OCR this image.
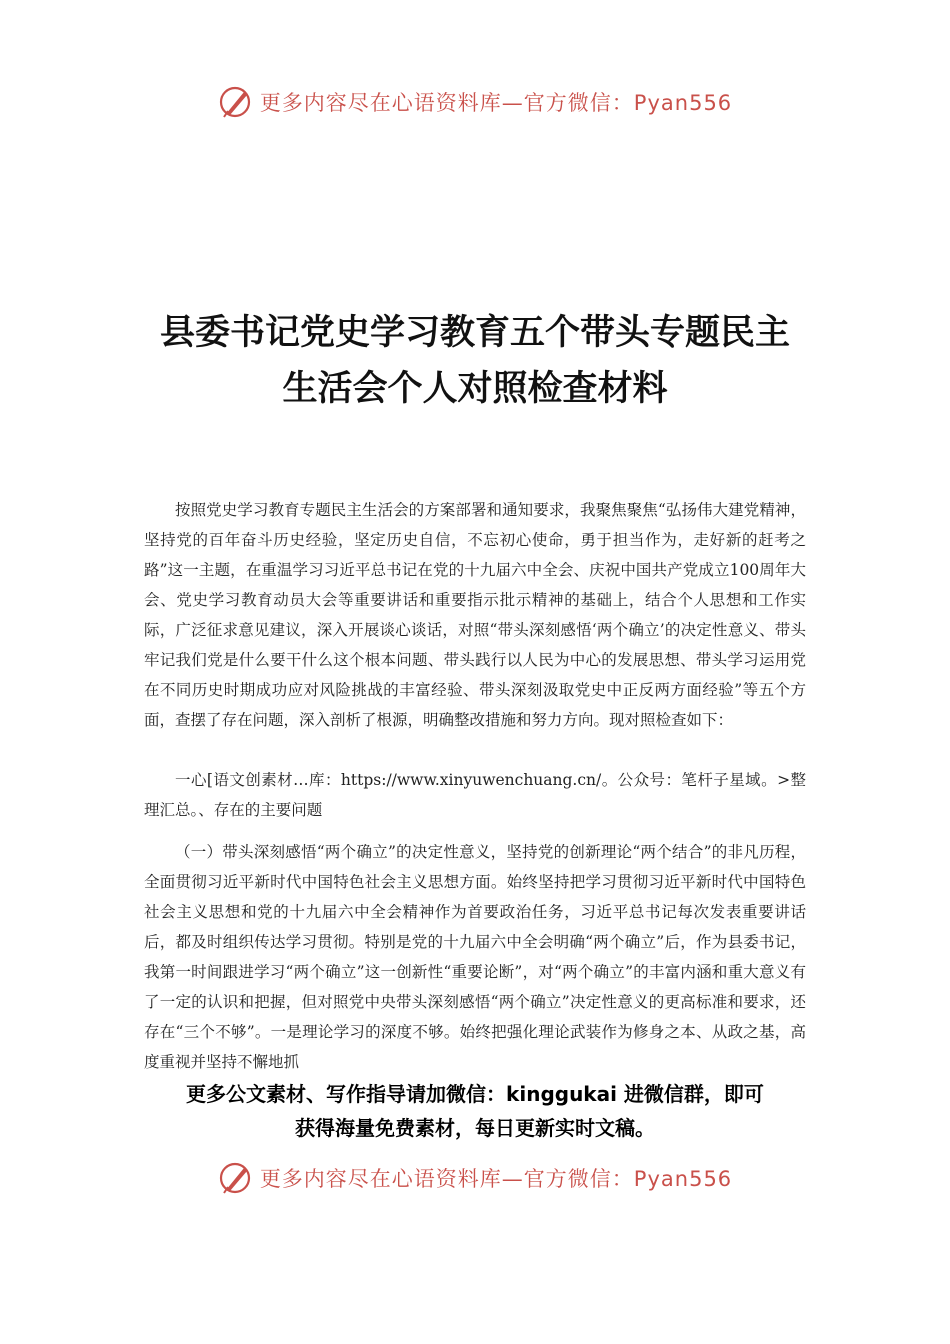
更多内容尽在心语资料库—官方微信：Pyan556
县委书记党史学习教育五个带头专题民主
生活会个人对照检查材料

按照党史学习教育专题民主生活会的方案部署和通知要求，我聚焦聚焦“弘扬伟大建党精神，坚持党的百年奋斗历史经验，坚定历史自信，不忘初心使命，勇于担当作为，走好新的赶考之路”这一主题，在重温学习习近平总书记在党的十九届六中全会、庆祝中国共产党成立100周年大会、党史学习教育动员大会等重要讲话和重要指示批示精神的基础上，结合个人思想和工作实际，广泛征求意见建议，深入开展谈心谈话，对照“带头深刻感悟‘两个确立’的决定性意义、带头牢记我们党是什么要干什么这个根本问题、带头践行以人民为中心的发展思想、带头学习运用党在不同历史时期成功应对风险挑战的丰富经验、带头深刻汲取党史中正反两方面经验”等五个方面，查摆了存在问题，深入剖析了根源，明确整改措施和努力方向。现对照检查如下：

一心[语文创素材…库：https://www.xinyuwenchuang.cn/。公众号：笔杆子星域。>整理汇总。、存在的主要问题

（一）带头深刻感悟“两个确立”的决定性意义，坚持党的创新理论“两个结合”的非凡历程，全面贯彻习近平新时代中国特色社会主义思想方面。始终坚持把学习贯彻习近平新时代中国特色社会主义思想和党的十九届六中全会精神作为首要政治任务，习近平总书记每次发表重要讲话后，都及时组织传达学习贯彻。特别是党的十九届六中全会明确“两个确立”后，作为县委书记，我第一时间跟进学习“两个确立”这一创新性“重要论断”，对“两个确立”的丰富内涵和重大意义有了一定的认识和把握，但对照党中央带头深刻感悟“两个确立”决定性意义的更高标准和要求，还存在“三个不够”。一是理论学习的深度不够。始终把强化理论武装作为修身之本、从政之基，高度重视并坚持不懈地抓

更多公文素材、写作指导请加微信：kinggukai 进微信群，即可
获得海量免费素材，每日更新实时文稿。

更多内容尽在心语资料库—官方微信：Pyan556
